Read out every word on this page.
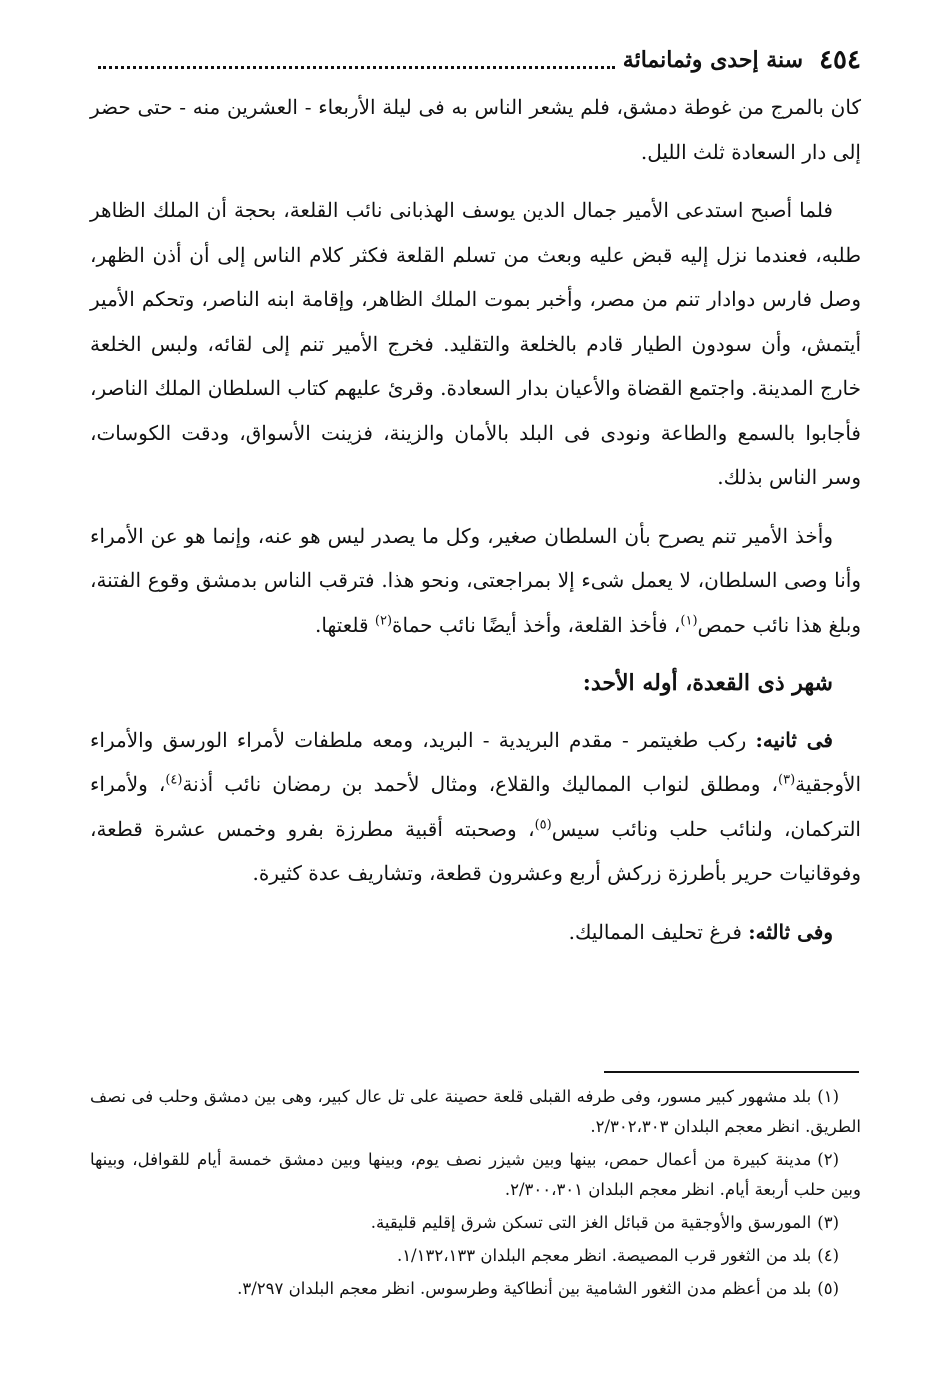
٤٥٤
سنة إحدى وثمانمائة

كان بالمرج من غوطة دمشق، فلم يشعر الناس به فى ليلة الأربعاء - العشرين منه - حتى حضر إلى دار السعادة ثلث الليل.

فلما أصبح استدعى الأمير جمال الدين يوسف الهذبانى نائب القلعة، بحجة أن الملك الظاهر طلبه، فعندما نزل إليه قبض عليه وبعث من تسلم القلعة فكثر كلام الناس إلى أن أذن الظهر، وصل فارس دوادار تنم من مصر، وأخبر بموت الملك الظاهر، وإقامة ابنه الناصر، وتحكم الأمير أيتمش، وأن سودون الطيار قادم بالخلعة والتقليد. فخرج الأمير تنم إلى لقائه، ولبس الخلعة خارج المدينة. واجتمع القضاة والأعيان بدار السعادة. وقرئ عليهم كتاب السلطان الملك الناصر، فأجابوا بالسمع والطاعة ونودى فى البلد بالأمان والزينة، فزينت الأسواق، ودقت الكوسات، وسر الناس بذلك.

وأخذ الأمير تنم يصرح بأن السلطان صغير، وكل ما يصدر ليس هو عنه، وإنما هو عن الأمراء وأنا وصى السلطان، لا يعمل شىء إلا بمراجعتى، ونحو هذا. فترقب الناس بدمشق وقوع الفتنة، وبلغ هذا نائب حمص$^{(١)}$، فأخذ القلعة، وأخذ أيضًا نائب حماة$^{(٢)}$ قلعتها.

شهر ذى القعدة، أوله الأحد:

فى ثانيه: ركب طغيتمر - مقدم البريدية - البريد، ومعه ملطفات لأمراء الورسق والأمراء الأوجقية$^{(٣)}$، ومطلق لنواب المماليك والقلاع، ومثال لأحمد بن رمضان نائب أذنة$^{(٤)}$، ولأمراء التركمان، ولنائب حلب ونائب سيس$^{(٥)}$، وصحبته أقبية مطرزة بفرو وخمس عشرة قطعة، وفوقانيات حرير بأطرزة زركش أربع وعشرون قطعة، وتشاريف عدة كثيرة.

وفى ثالثه: فرغ تحليف المماليك.

(١)بلد مشهور كبير مسور، وفى طرفه القبلى قلعة حصينة على تل عال كبير، وهى بين دمشق وحلب فى نصف الطريق. انظر معجم البلدان ٢/٣٠٢،٣٠٣.

(٢)مدينة كبيرة من أعمال حمص، بينها وبين شيزر نصف يوم، وبينها وبين دمشق خمسة أيام للقوافل، وبينها وبين حلب أربعة أيام. انظر معجم البلدان ٢/٣٠٠،٣٠١.

(٣)المورسق والأوجقية من قبائل الغز التى تسكن شرق إقليم قليقية.

(٤)بلد من الثغور قرب المصيصة. انظر معجم البلدان ١/١٣٢،١٣٣.

(٥)بلد من أعظم مدن الثغور الشامية بين أنطاكية وطرسوس. انظر معجم البلدان ٣/٢٩٧.
